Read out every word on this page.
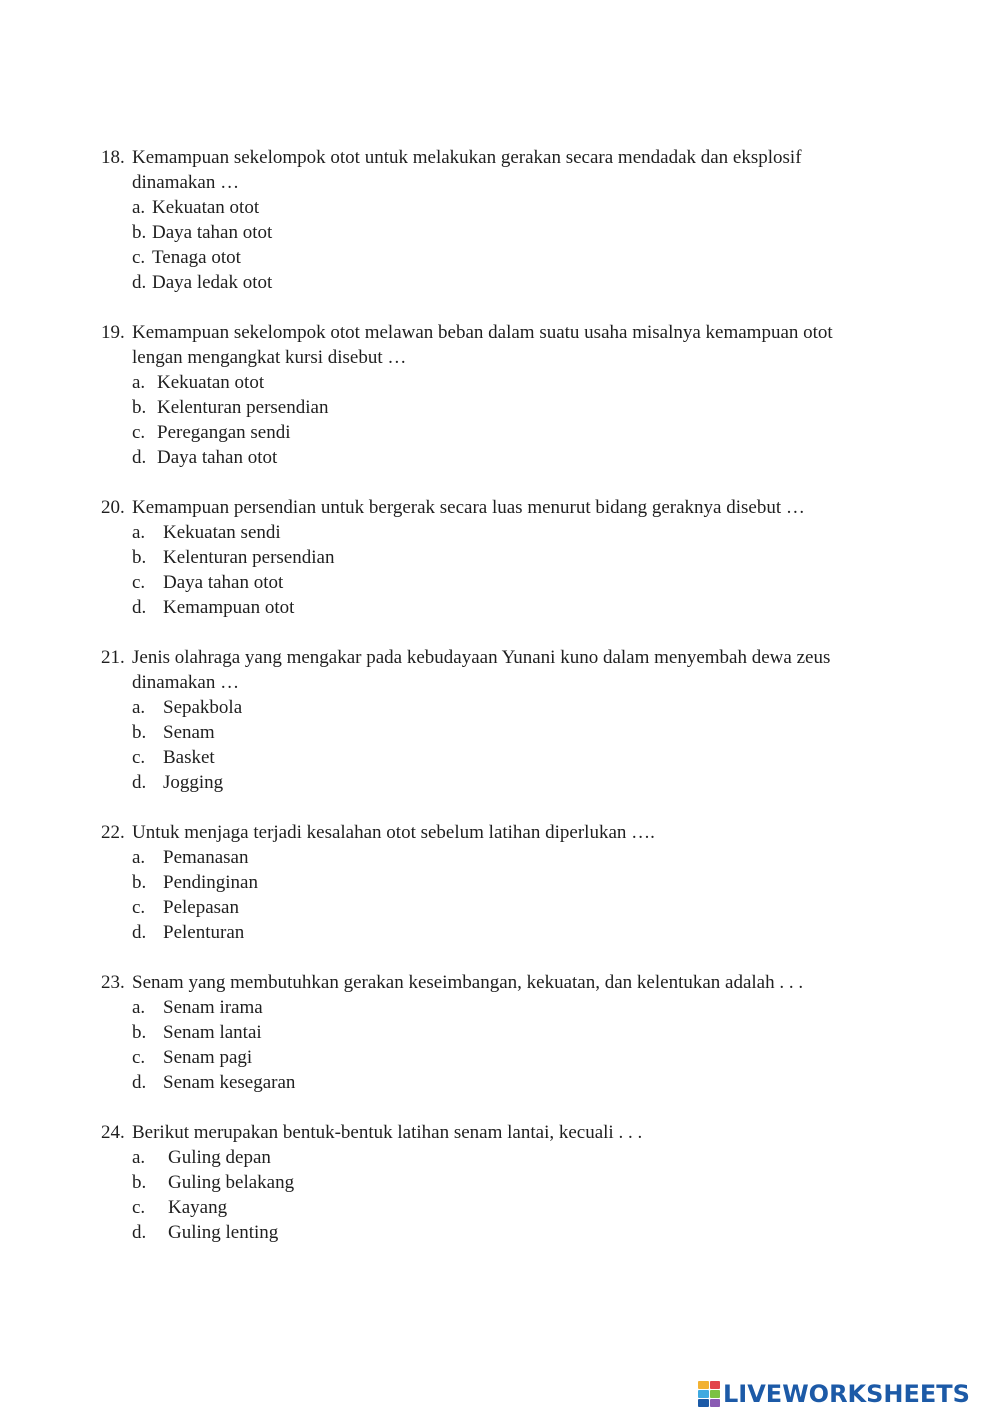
18. Kemampuan sekelompok otot untuk melakukan gerakan secara mendadak dan eksplosif
dinamakan …
a. Kekuatan otot
b. Daya tahan otot
c. Tenaga otot
d. Daya ledak otot
19. Kemampuan sekelompok otot melawan beban dalam suatu usaha misalnya kemampuan otot
lengan mengangkat kursi disebut …
a. Kekuatan otot
b. Kelenturan persendian
c. Peregangan sendi
d. Daya tahan otot
20. Kemampuan persendian untuk bergerak secara luas menurut bidang geraknya disebut …
a. Kekuatan sendi
b. Kelenturan persendian
c. Daya tahan otot
d. Kemampuan otot
21. Jenis olahraga yang mengakar pada kebudayaan Yunani kuno dalam menyembah dewa zeus
dinamakan …
a. Sepakbola
b. Senam
c. Basket
d. Jogging
22. Untuk menjaga terjadi kesalahan otot sebelum latihan diperlukan ….
a. Pemanasan
b. Pendinginan
c. Pelepasan
d. Pelenturan
23. Senam yang membutuhkan gerakan keseimbangan, kekuatan, dan kelentukan adalah . . .
a. Senam irama
b. Senam lantai
c. Senam pagi
d. Senam kesegaran
24. Berikut merupakan bentuk-bentuk latihan senam lantai, kecuali . . .
a. Guling depan
b. Guling belakang
c. Kayang
d. Guling lenting
LIVEWORKSHEETS
